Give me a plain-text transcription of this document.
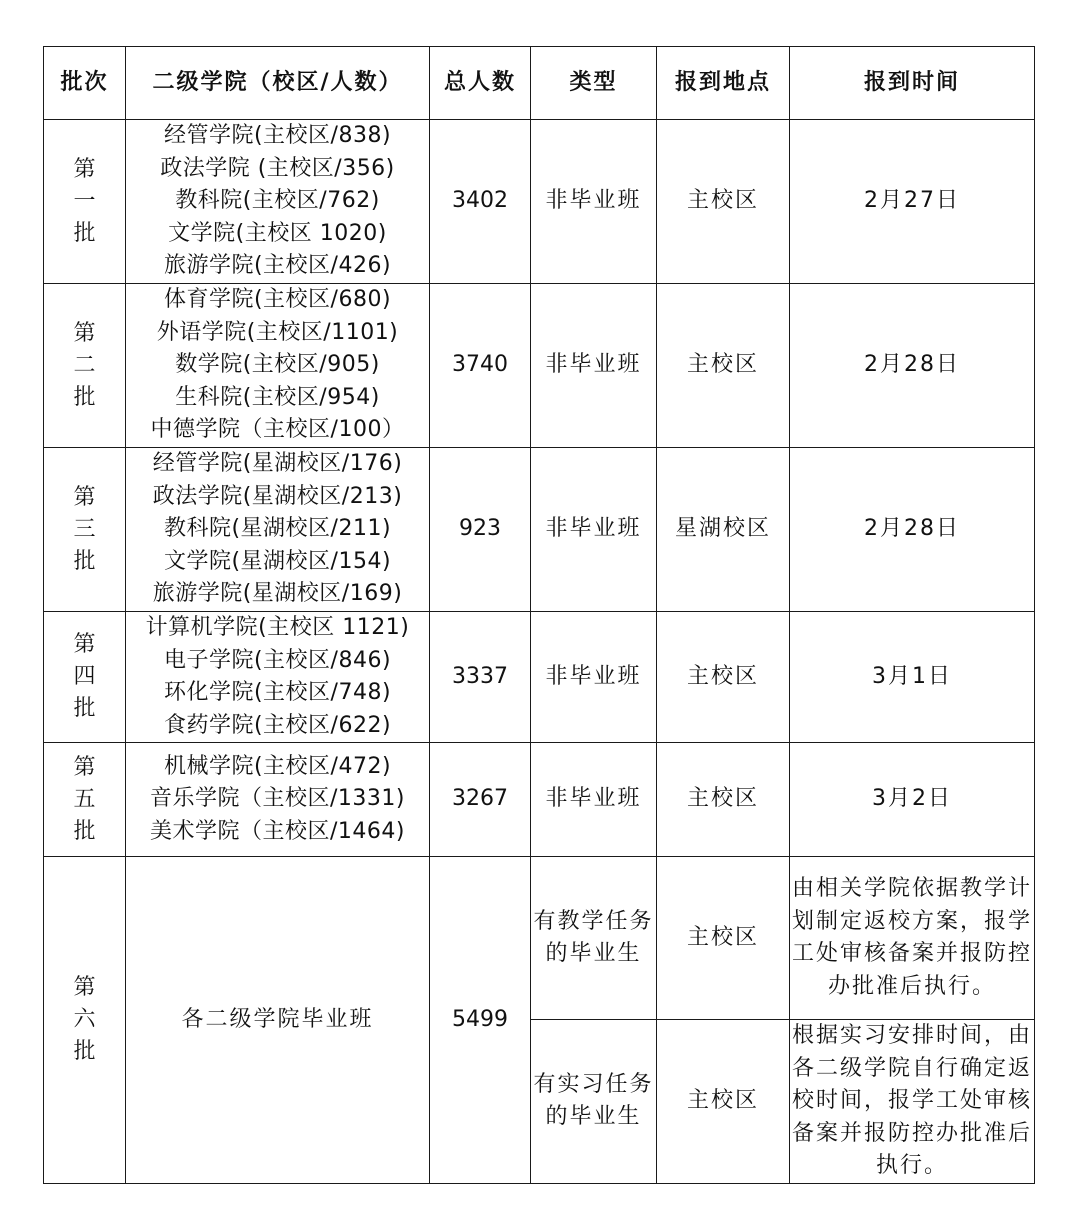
批次	二级学院（校区/人数）	总人数	类型	报到地点	报到时间

第
一
批	经管学院(主校区/838)
政法学院 (主校区/356)
教科院(主校区/762)
文学院(主校区 1020)
旅游学院(主校区/426)	3402	非毕业班	主校区	2月27日

第
二
批	体育学院(主校区/680)
外语学院(主校区/1101)
数学院(主校区/905)
生科院(主校区/954)
中德学院（主校区/100）	3740	非毕业班	主校区	2月28日

第
三
批	经管学院(星湖校区/176)
政法学院(星湖校区/213)
教科院(星湖校区/211)
文学院(星湖校区/154)
旅游学院(星湖校区/169)	923	非毕业班	星湖校区	2月28日

第
四
批	计算机学院(主校区 1121)
电子学院(主校区/846)
环化学院(主校区/748)
食药学院(主校区/622)	3337	非毕业班	主校区	3月1日

第
五
批	机械学院(主校区/472)
音乐学院（主校区/1331)
美术学院（主校区/1464)	3267	非毕业班	主校区	3月2日

第
六
批	各二级学院毕业班	5499	有教学任务的毕业生	主校区	由相关学院依据教学计划制定返校方案，报学工处审核备案并报防控办批准后执行。
			有实习任务的毕业生	主校区	根据实习安排时间，由各二级学院自行确定返校时间，报学工处审核备案并报防控办批准后执行。
